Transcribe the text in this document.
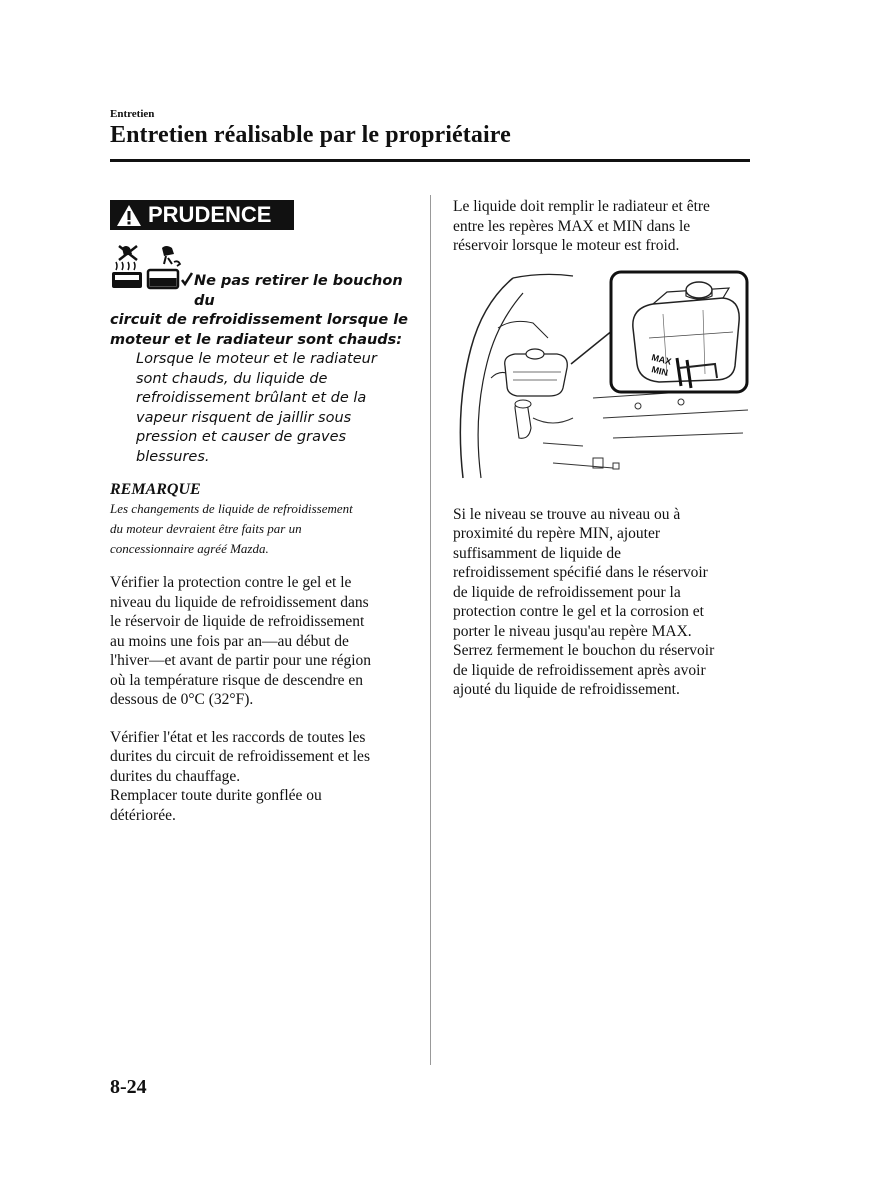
Entretien
Entretien réalisable par le propriétaire
PRUDENCE
Ne pas retirer le bouchon du
circuit de refroidissement lorsque le
moteur et le radiateur sont chauds:
Lorsque le moteur et le radiateur
sont chauds, du liquide de
refroidissement brûlant et de la
vapeur risquent de jaillir sous
pression et causer de graves
blessures.
REMARQUE
Les changements de liquide de refroidissement
du moteur devraient être faits par un
concessionnaire agréé Mazda.
Vérifier la protection contre le gel et le
niveau du liquide de refroidissement dans
le réservoir de liquide de refroidissement
au moins une fois par an—au début de
l'hiver—et avant de partir pour une région
où la température risque de descendre en
dessous de 0°C (32°F).
Vérifier l'état et les raccords de toutes les
durites du circuit de refroidissement et les
durites du chauffage.
Remplacer toute durite gonflée ou
détériorée.
Le liquide doit remplir le radiateur et être
entre les repères MAX et MIN dans le
réservoir lorsque le moteur est froid.
MAX
MIN
Si le niveau se trouve au niveau ou à
proximité du repère MIN, ajouter
suffisamment de liquide de
refroidissement spécifié dans le réservoir
de liquide de refroidissement pour la
protection contre le gel et la corrosion et
porter le niveau jusqu'au repère MAX.
Serrez fermement le bouchon du réservoir
de liquide de refroidissement après avoir
ajouté du liquide de refroidissement.
8-24
